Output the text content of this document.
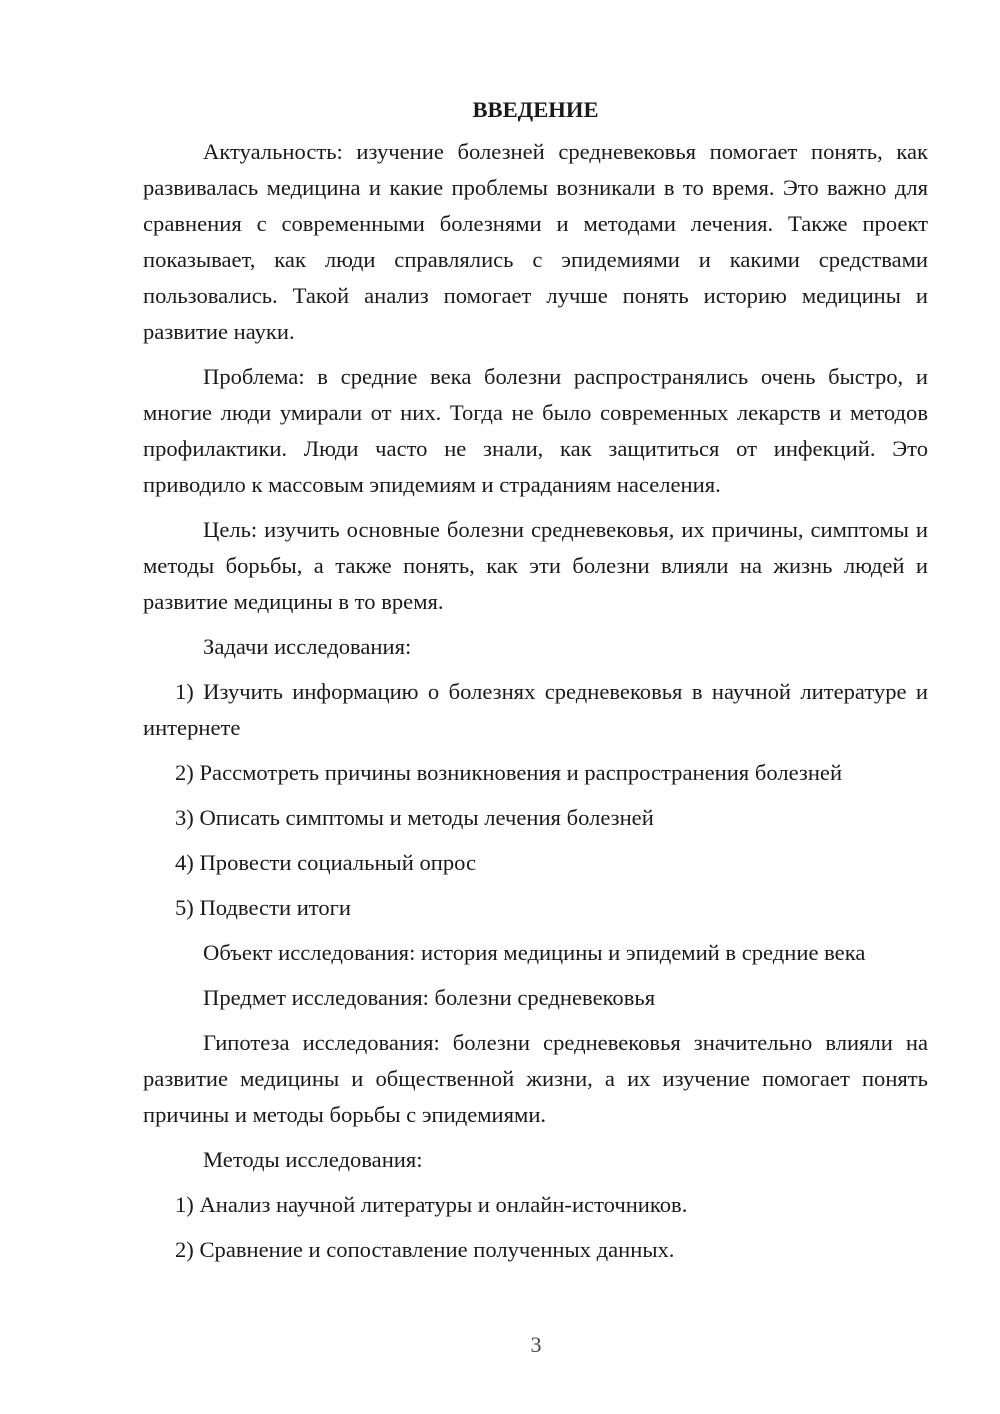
ВВЕДЕНИЕ

Актуальность: изучение болезней средневековья помогает понять, как развивалась медицина и какие проблемы возникали в то время. Это важно для сравнения с современными болезнями и методами лечения. Также проект показывает, как люди справлялись с эпидемиями и какими средствами пользовались. Такой анализ помогает лучше понять историю медицины и развитие науки.

Проблема: в средние века болезни распространялись очень быстро, и многие люди умирали от них. Тогда не было современных лекарств и методов профилактики. Люди часто не знали, как защититься от инфекций. Это приводило к массовым эпидемиям и страданиям населения.

Цель: изучить основные болезни средневековья, их причины, симптомы и методы борьбы, а также понять, как эти болезни влияли на жизнь людей и развитие медицины в то время.

Задачи исследования:

1) Изучить информацию о болезнях средневековья в научной литературе и интернете

2) Рассмотреть причины возникновения и распространения болезней
3) Описать симптомы и методы лечения болезней
4) Провести социальный опрос
5) Подвести итоги
Объект исследования: история медицины и эпидемий в средние века
Предмет исследования: болезни средневековья

Гипотеза исследования: болезни средневековья значительно влияли на развитие медицины и общественной жизни, а их изучение помогает понять причины и методы борьбы с эпидемиями.

Методы исследования:
1) Анализ научной литературы и онлайн-источников.
2) Сравнение и сопоставление полученных данных.
3
